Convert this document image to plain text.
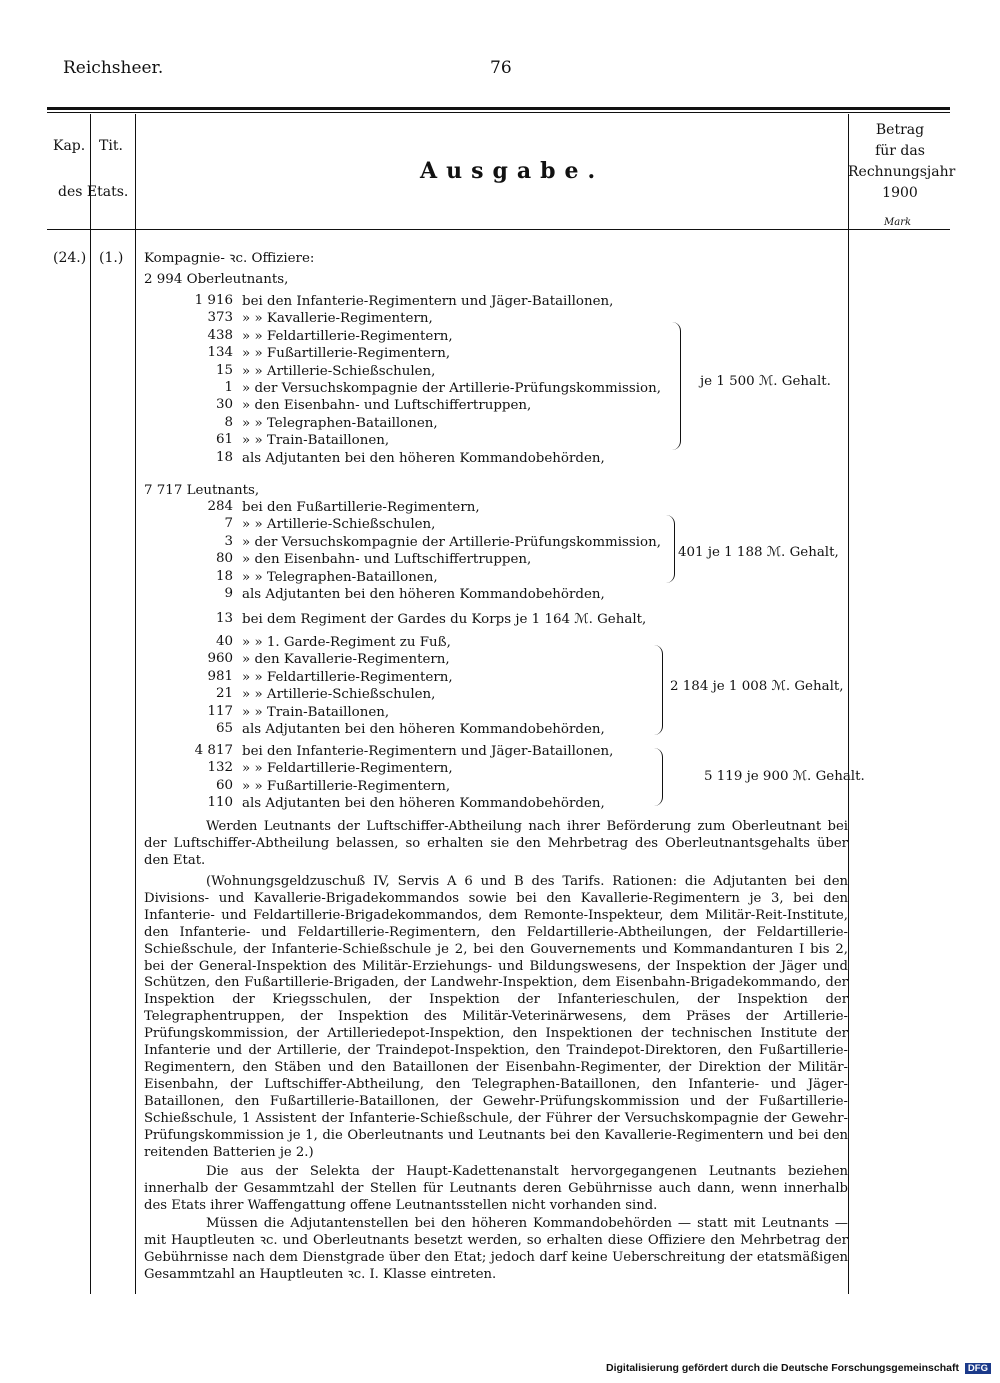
Reichsheer.	76
Kap. Tit.
des Etats.
Ausgabe.
Betrag
für das
Rechnungsjahr
1900
Mark
(24.) (1.) Kompagnie- ꝛc. Offiziere:
2 994 Oberleutnants,
1 916 bei den Infanterie-Regimentern und Jäger-Bataillonen,
373 » » Kavallerie-Regimentern,
438 » » Feldartillerie-Regimentern,
134 » » Fußartillerie-Regimentern,
15 » » Artillerie-Schießschulen,
1 » der Versuchskompagnie der Artillerie-Prüfungskommission,
30 » den Eisenbahn- und Luftschiffertruppen,
8 » » Telegraphen-Bataillonen,
61 » » Train-Bataillonen,
18 als Adjutanten bei den höheren Kommandobehörden,
je 1 500 ℳ. Gehalt.
7 717 Leutnants,
284 bei den Fußartillerie-Regimentern,
7 » » Artillerie-Schießschulen,
3 » der Versuchskompagnie der Artillerie-Prüfungskommission,
80 » den Eisenbahn- und Luftschiffertruppen,
18 » » Telegraphen-Bataillonen,
9 als Adjutanten bei den höheren Kommandobehörden,
401 je 1 188 ℳ. Gehalt,
13 bei dem Regiment der Gardes du Korps je 1 164 ℳ. Gehalt,
40 » » 1. Garde-Regiment zu Fuß,
960 » den Kavallerie-Regimentern,
981 » » Feldartillerie-Regimentern,
21 » » Artillerie-Schießschulen,
117 » » Train-Bataillonen,
65 als Adjutanten bei den höheren Kommandobehörden,
2 184 je 1 008 ℳ. Gehalt,
4 817 bei den Infanterie-Regimentern und Jäger-Bataillonen,
132 » » Feldartillerie-Regimentern,
60 » » Fußartillerie-Regimentern,
110 als Adjutanten bei den höheren Kommandobehörden,
5 119 je 900 ℳ. Gehalt.
Werden Leutnants der Luftschiffer-Abtheilung nach ihrer Beförderung zum Oberleutnant bei der Luftschiffer-Abtheilung belassen, so erhalten sie den Mehrbetrag des Oberleutnantsgehalts über den Etat.
(Wohnungsgeldzuschuß IV, Servis A 6 und B des Tarifs. Rationen: die Adjutanten bei den Divisions- und Kavallerie-Brigadekommandos sowie bei den Kavallerie-Regimentern je 3, bei den Infanterie- und Feldartillerie-Brigadekommandos, dem Remonte-Inspekteur, dem Militär-Reit-Institute, den Infanterie- und Feldartillerie-Regimentern, den Feldartillerie-Abtheilungen, der Feldartillerie-Schießschule, der Infanterie-Schießschule je 2, bei den Gouvernements und Kommandanturen I bis 2, bei der General-Inspektion des Militär-Erziehungs- und Bildungswesens, der Inspektion der Jäger und Schützen, den Fußartillerie-Brigaden, der Landwehr-Inspektion, dem Eisenbahn-Brigadekommando, der Inspektion der Kriegsschulen, der Inspektion der Infanterieschulen, der Inspektion der Telegraphentruppen, der Inspektion des Militär-Veterinärwesens, dem Präses der Artillerie-Prüfungskommission, der Artilleriedepot-Inspektion, den Inspektionen der technischen Institute der Infanterie und der Artillerie, der Traindepot-Inspektion, den Traindepot-Direktoren, den Fußartillerie-Regimentern, den Stäben und den Bataillonen der Eisenbahn-Regimenter, der Direktion der Militär-Eisenbahn, der Luftschiffer-Abtheilung, den Telegraphen-Bataillonen, den Infanterie- und Jäger-Bataillonen, den Fußartillerie-Bataillonen, der Gewehr-Prüfungskommission und der Fußartillerie-Schießschule, 1 Assistent der Infanterie-Schießschule, der Führer der Versuchskompagnie der Gewehr-Prüfungskommission je 1, die Oberleutnants und Leutnants bei den Kavallerie-Regimentern und bei den reitenden Batterien je 2.)
Die aus der Selekta der Haupt-Kadettenanstalt hervorgegangenen Leutnants beziehen innerhalb der Gesammtzahl der Stellen für Leutnants deren Gebührnisse auch dann, wenn innerhalb des Etats ihrer Waffengattung offene Leutnantsstellen nicht vorhanden sind.
Müssen die Adjutantenstellen bei den höheren Kommandobehörden — statt mit Leutnants — mit Hauptleuten ꝛc. und Oberleutnants besetzt werden, so erhalten diese Offiziere den Mehrbetrag der Gebührnisse nach dem Dienstgrade über den Etat; jedoch darf keine Ueberschreitung der etatsmäßigen Gesammtzahl an Hauptleuten ꝛc. I. Klasse eintreten.
Digitalisierung gefördert durch die Deutsche Forschungsgemeinschaft DFG
